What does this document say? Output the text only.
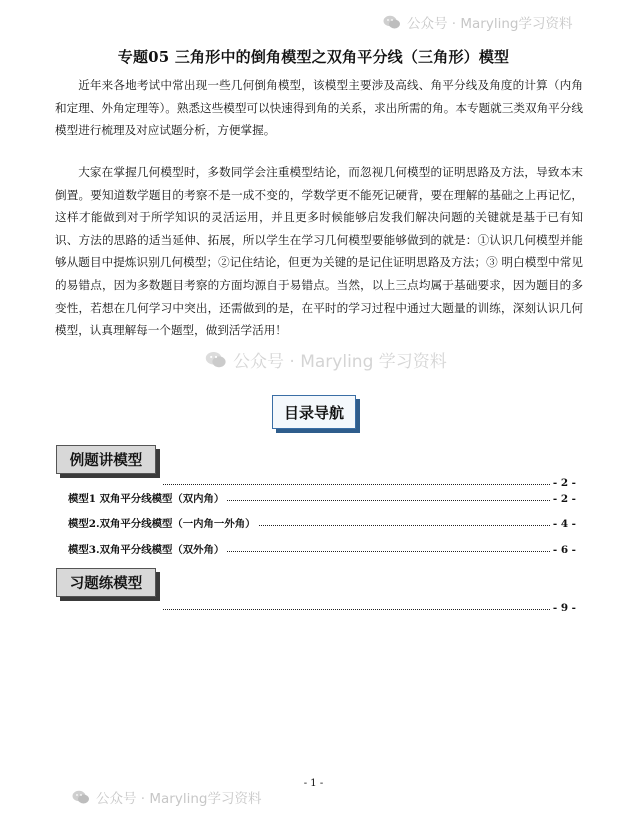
公众号 · Maryling学习资料
公众号 · Maryling 学习资料
公众号 · Maryling学习资料
专题05 三角形中的倒角模型之双角平分线（三角形）模型

近年来各地考试中常出现一些几何倒角模型，该模型主要涉及高线、角平分线及角度的计算（内角和定理、外角定理等）。熟悉这些模型可以快速得到角的关系，求出所需的角。本专题就三类双角平分线模型进行梳理及对应试题分析，方便掌握。

大家在掌握几何模型时，多数同学会注重模型结论，而忽视几何模型的证明思路及方法，导致本末倒置。要知道数学题目的考察不是一成不变的，学数学更不能死记硬背，要在理解的基础之上再记忆，这样才能做到对于所学知识的灵活运用，并且更多时候能够启发我们解决问题的关键就是基于已有知识、方法的思路的适当延伸、拓展，所以学生在学习几何模型要能够做到的就是：①认识几何模型并能够从题目中提炼识别几何模型；②记住结论，但更为关键的是记住证明思路及方法；③ 明白模型中常见的易错点，因为多数题目考察的方面均源自于易错点。当然，以上三点均属于基础要求，因为题目的多变性，若想在几何学习中突出，还需做到的是，在平时的学习过程中通过大题量的训练，深刻认识几何模型，认真理解每一个题型，做到活学活用！

目录导航
例题讲模型
- 2 -
模型1 双角平分线模型（双内角）	- 2 -
模型2.双角平分线模型（一内角一外角）	- 4 -
模型3.双角平分线模型（双外角）	- 6 -
习题练模型
- 9 -
- 1 -
